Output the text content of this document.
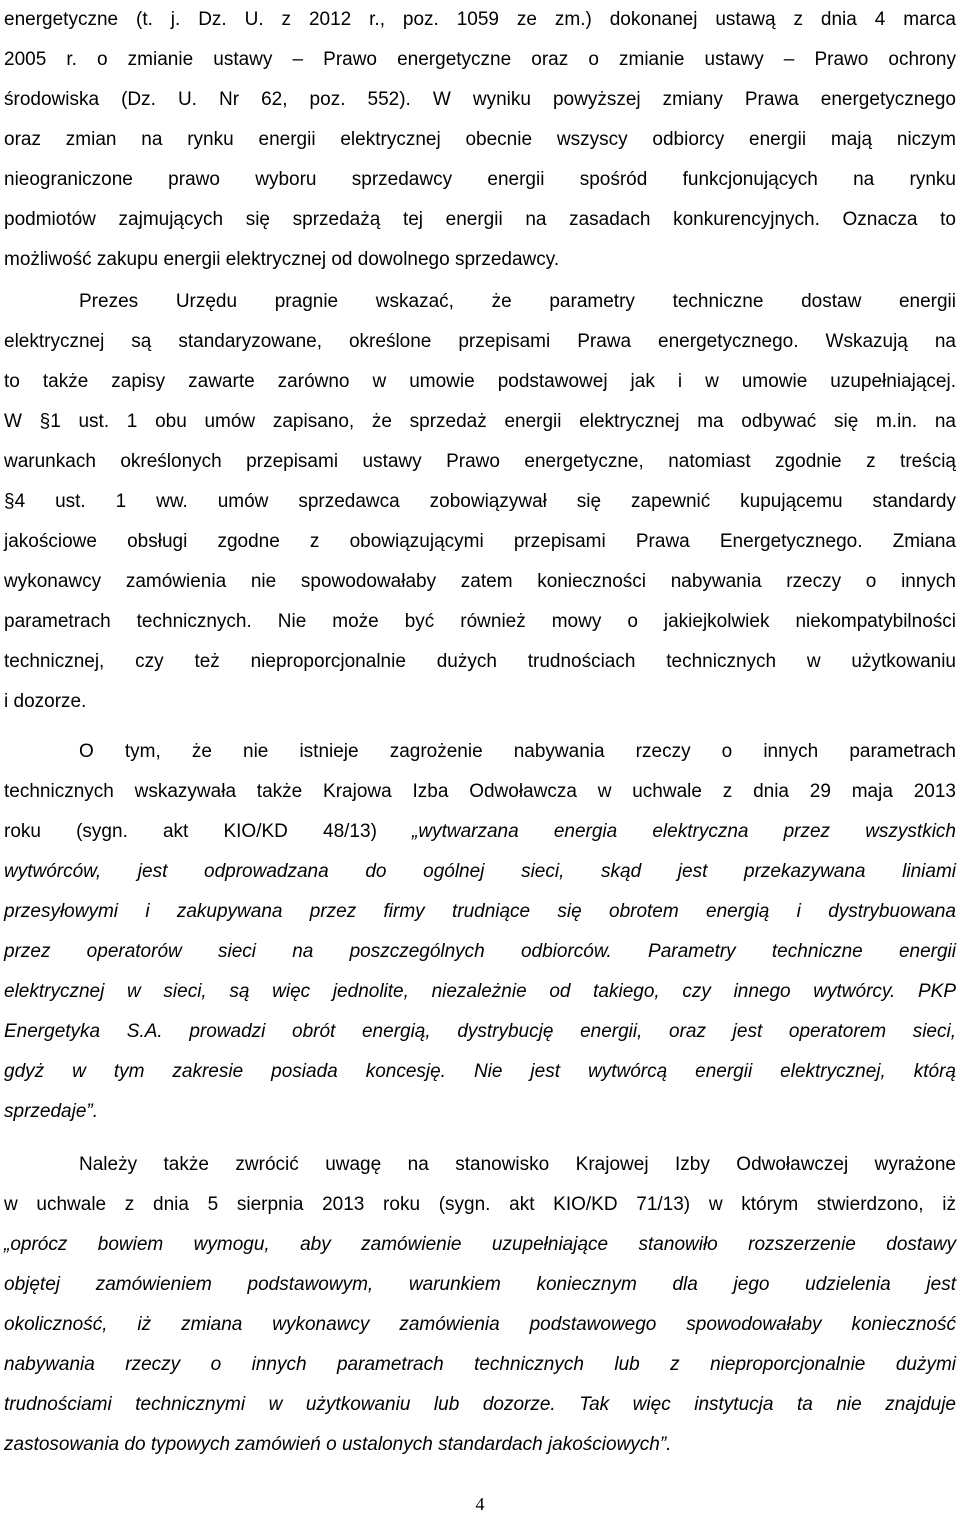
energetyczne (t. j. Dz. U. z 2012 r., poz. 1059 ze zm.) dokonanej ustawą z dnia 4 marca
2005 r. o zmianie ustawy – Prawo energetyczne oraz o zmianie ustawy – Prawo ochrony
środowiska (Dz. U. Nr 62, poz. 552). W wyniku powyższej zmiany Prawa energetycznego
oraz zmian na rynku energii elektrycznej obecnie wszyscy odbiorcy energii mają niczym
nieograniczone prawo wyboru sprzedawcy energii spośród funkcjonujących na rynku
podmiotów zajmujących się sprzedażą tej energii na zasadach konkurencyjnych. Oznacza to
możliwość zakupu energii elektrycznej od dowolnego sprzedawcy.
Prezes Urzędu pragnie wskazać, że parametry techniczne dostaw energii
elektrycznej są standaryzowane, określone przepisami Prawa energetycznego. Wskazują na
to także zapisy zawarte zarówno w umowie podstawowej jak i w umowie uzupełniającej.
W §1 ust. 1 obu umów zapisano, że sprzedaż energii elektrycznej ma odbywać się m.in. na
warunkach określonych przepisami ustawy Prawo energetyczne, natomiast zgodnie z treścią
§4 ust. 1 ww. umów sprzedawca zobowiązywał się zapewnić kupującemu standardy
jakościowe obsługi zgodne z obowiązującymi przepisami Prawa Energetycznego. Zmiana
wykonawcy zamówienia nie spowodowałaby zatem konieczności nabywania rzeczy o innych
parametrach technicznych. Nie może być również mowy o jakiejkolwiek niekompatybilności
technicznej, czy też nieproporcjonalnie dużych trudnościach technicznych w użytkowaniu
i dozorze.
O tym, że nie istnieje zagrożenie nabywania rzeczy o innych parametrach
technicznych wskazywała także Krajowa Izba Odwoławcza w uchwale z dnia 29 maja 2013
roku (sygn. akt KIO/KD 48/13) „wytwarzana energia elektryczna przez wszystkich
wytwórców, jest odprowadzana do ogólnej sieci, skąd jest przekazywana liniami
przesyłowymi i zakupywana przez firmy trudniące się obrotem energią i dystrybuowana
przez operatorów sieci na poszczególnych odbiorców. Parametry techniczne energii
elektrycznej w sieci, są więc jednolite, niezależnie od takiego, czy innego wytwórcy. PKP
Energetyka S.A. prowadzi obrót energią, dystrybucję energii, oraz jest operatorem sieci,
gdyż w tym zakresie posiada koncesję. Nie jest wytwórcą energii elektrycznej, którą
sprzedaje”.
Należy także zwrócić uwagę na stanowisko Krajowej Izby Odwoławczej wyrażone
w uchwale z dnia 5 sierpnia 2013 roku (sygn. akt KIO/KD 71/13) w którym stwierdzono, iż
„oprócz bowiem wymogu, aby zamówienie uzupełniające stanowiło rozszerzenie dostawy
objętej zamówieniem podstawowym, warunkiem koniecznym dla jego udzielenia jest
okoliczność, iż zmiana wykonawcy zamówienia podstawowego spowodowałaby konieczność
nabywania rzeczy o innych parametrach technicznych lub z nieproporcjonalnie dużymi
trudnościami technicznymi w użytkowaniu lub dozorze. Tak więc instytucja ta nie znajduje
zastosowania do typowych zamówień o ustalonych standardach jakościowych”.
4
